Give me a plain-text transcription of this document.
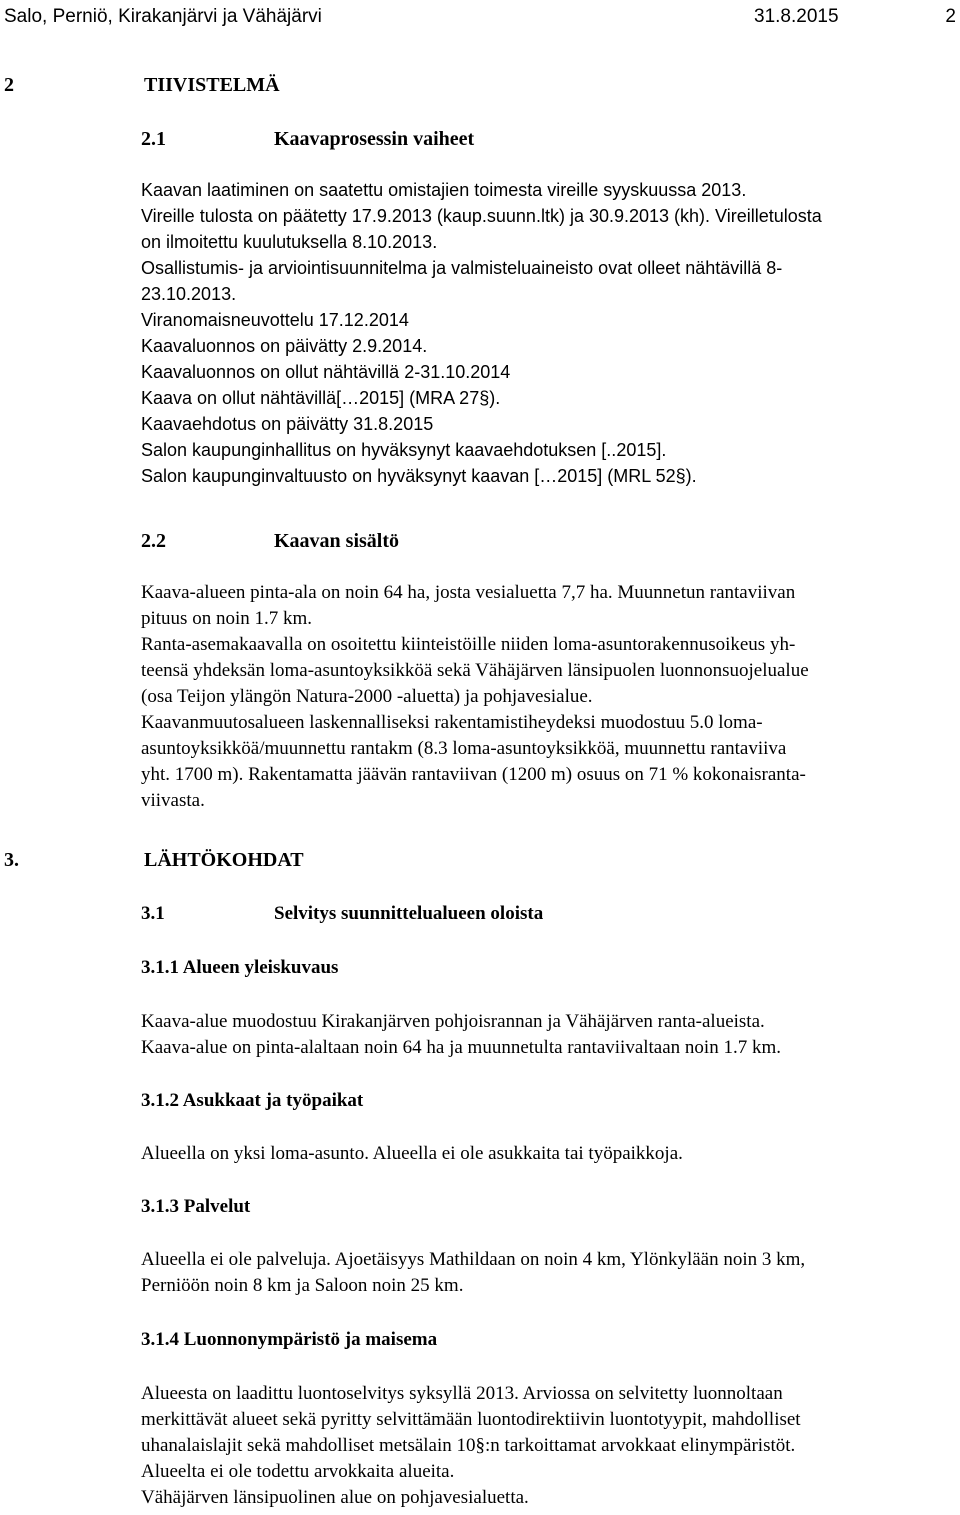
Salo, Perniö, Kirakanjärvi ja Vähäjärvi	31.8.2015	2
2	TIIVISTELMÄ
2.1	Kaavaprosessin vaiheet
Kaavan laatiminen on saatettu omistajien toimesta vireille syyskuussa 2013.
Vireille tulosta on päätetty 17.9.2013 (kaup.suunn.ltk) ja 30.9.2013 (kh). Vireilletulosta
on ilmoitettu kuulutuksella 8.10.2013.
Osallistumis- ja arviointisuunnitelma ja valmisteluaineisto ovat olleet nähtävillä 8-
23.10.2013.
Viranomaisneuvottelu 17.12.2014
Kaavaluonnos on päivätty 2.9.2014.
Kaavaluonnos on ollut nähtävillä 2-31.10.2014
Kaava on ollut nähtävillä[…2015] (MRA 27§).
Kaavaehdotus on päivätty 31.8.2015
Salon kaupunginhallitus on hyväksynyt kaavaehdotuksen [..2015].
Salon kaupunginvaltuusto on hyväksynyt kaavan […2015] (MRL 52§).
2.2	Kaavan sisältö
Kaava-alueen pinta-ala on noin 64 ha, josta vesialuetta 7,7 ha. Muunnetun rantaviivan
pituus on noin 1.7 km.
Ranta-asemakaavalla on osoitettu kiinteistöille niiden loma-asuntorakennusoikeus yh-
teensä yhdeksän loma-asuntoyksikköä sekä Vähäjärven länsipuolen luonnonsuojelualue
(osa Teijon ylängön Natura-2000 -aluetta) ja pohjavesialue.
Kaavanmuutosalueen laskennalliseksi rakentamistiheydeksi muodostuu 5.0 loma-
asuntoyksikköä/muunnettu rantakm (8.3 loma-asuntoyksikköä, muunnettu rantaviiva
yht. 1700 m). Rakentamatta jäävän rantaviivan (1200 m) osuus on 71 % kokonaisranta-
viivasta.
3.	LÄHTÖKOHDAT
3.1	Selvitys suunnittelualueen oloista
3.1.1 Alueen yleiskuvaus
Kaava-alue muodostuu Kirakanjärven pohjoisrannan ja Vähäjärven ranta-alueista.
Kaava-alue on pinta-alaltaan noin 64 ha ja muunnetulta rantaviivaltaan noin 1.7 km.
3.1.2 Asukkaat ja työpaikat
Alueella on yksi loma-asunto. Alueella ei ole asukkaita tai työpaikkoja.
3.1.3 Palvelut
Alueella ei ole palveluja. Ajoetäisyys Mathildaan on noin 4 km, Ylönkylään noin 3 km,
Perniöön noin 8 km ja Saloon noin 25 km.
3.1.4 Luonnonympäristö ja maisema
Alueesta on laadittu luontoselvitys syksyllä 2013. Arviossa on selvitetty luonnoltaan
merkittävät alueet sekä pyritty selvittämään luontodirektiivin luontotyypit, mahdolliset
uhanalaislajit sekä mahdolliset metsälain 10§:n tarkoittamat arvokkaat elinympäristöt.
Alueelta ei ole todettu arvokkaita alueita.
Vähäjärven länsipuolinen alue on pohjavesialuetta.
